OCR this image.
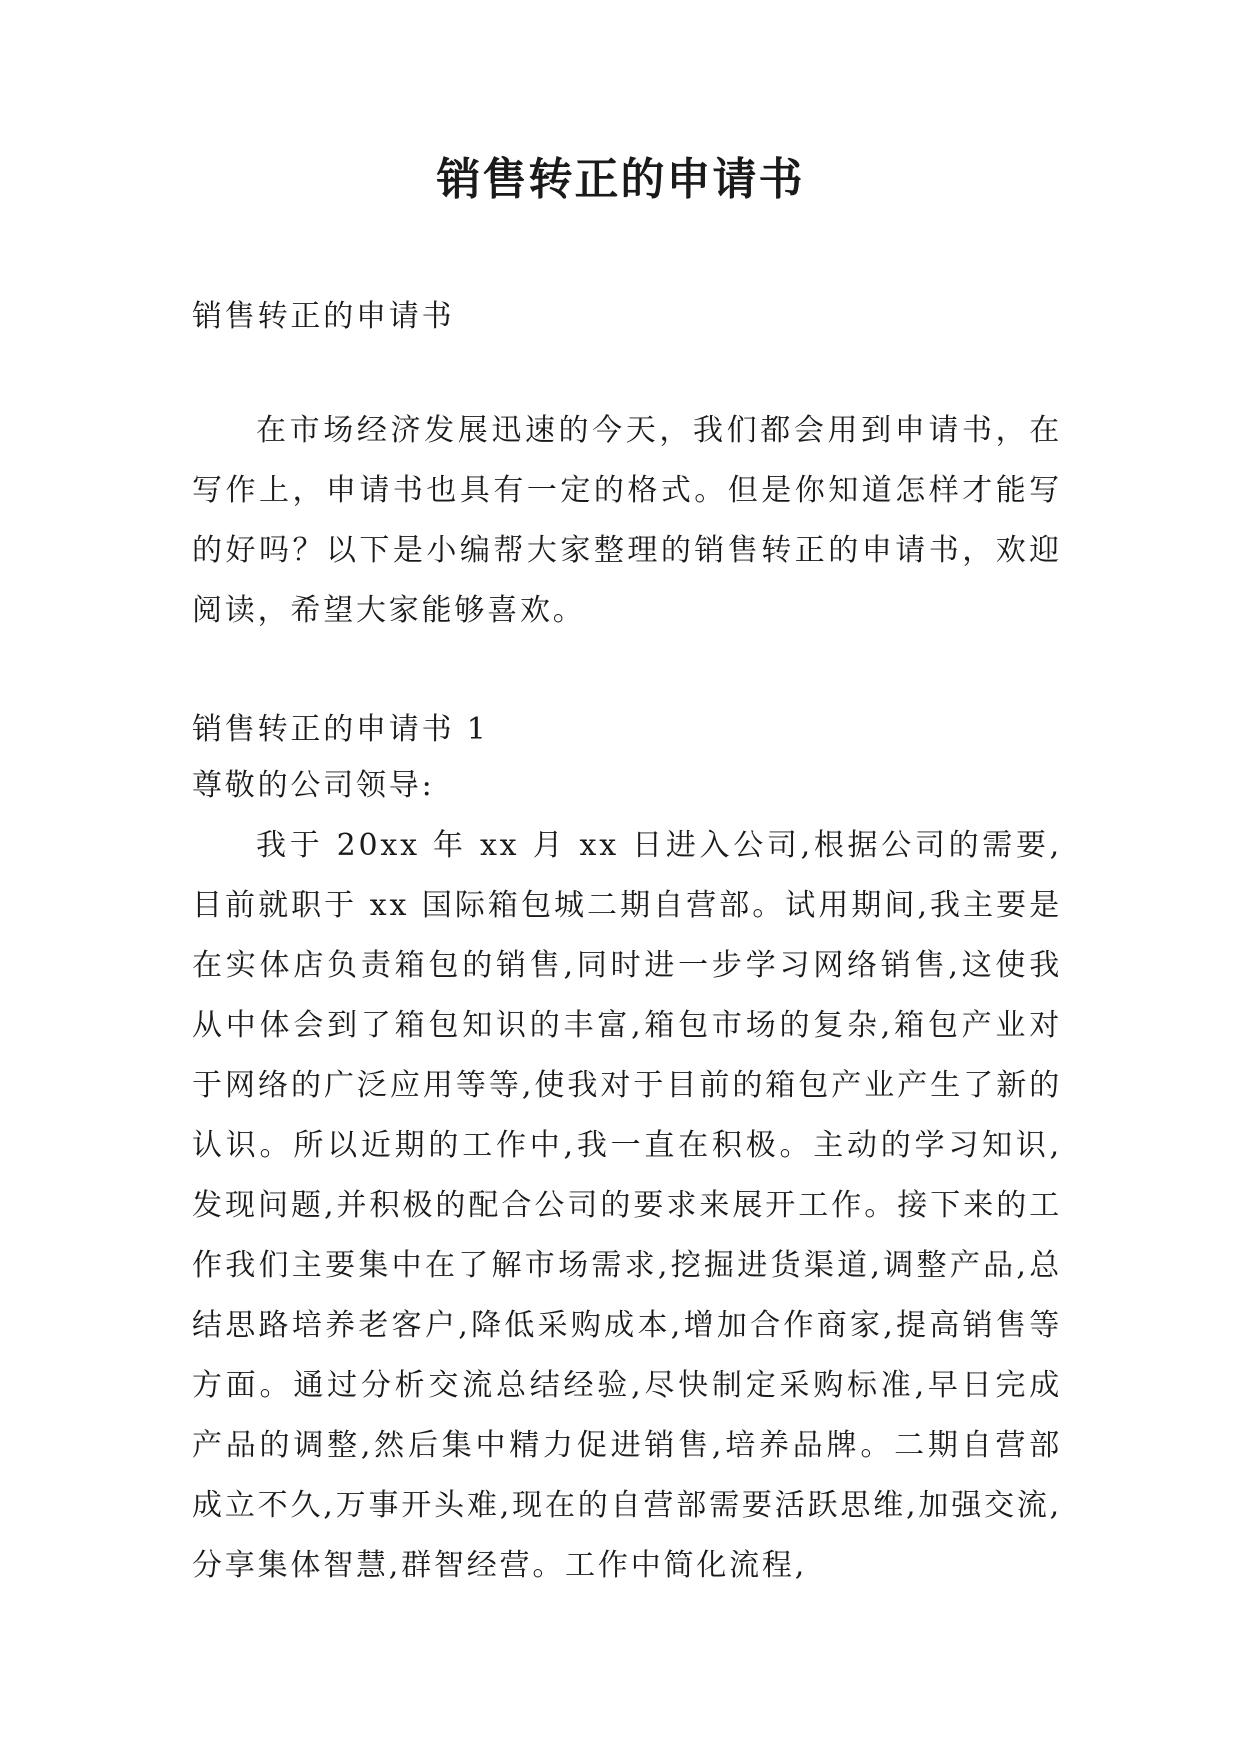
销售转正的申请书

销售转正的申请书

在市场经济发展迅速的今天，我们都会用到申请书，在写作上，申请书也具有一定的格式。但是你知道怎样才能写的好吗？以下是小编帮大家整理的销售转正的申请书，欢迎阅读，希望大家能够喜欢。

销售转正的申请书 1

尊敬的公司领导:

我于 20xx 年 xx 月 xx 日进入公司,根据公司的需要,目前就职于 xx 国际箱包城二期自营部。试用期间,我主要是在实体店负责箱包的销售,同时进一步学习网络销售,这使我从中体会到了箱包知识的丰富,箱包市场的复杂,箱包产业对于网络的广泛应用等等,使我对于目前的箱包产业产生了新的认识。所以近期的工作中,我一直在积极。主动的学习知识,发现问题,并积极的配合公司的要求来展开工作。接下来的工作我们主要集中在了解市场需求,挖掘进货渠道,调整产品,总结思路培养老客户,降低采购成本,增加合作商家,提高销售等方面。通过分析交流总结经验,尽快制定采购标准,早日完成产品的调整,然后集中精力促进销售,培养品牌。二期自营部成立不久,万事开头难,现在的自营部需要活跃思维,加强交流,分享集体智慧,群智经营。工作中简化流程,
